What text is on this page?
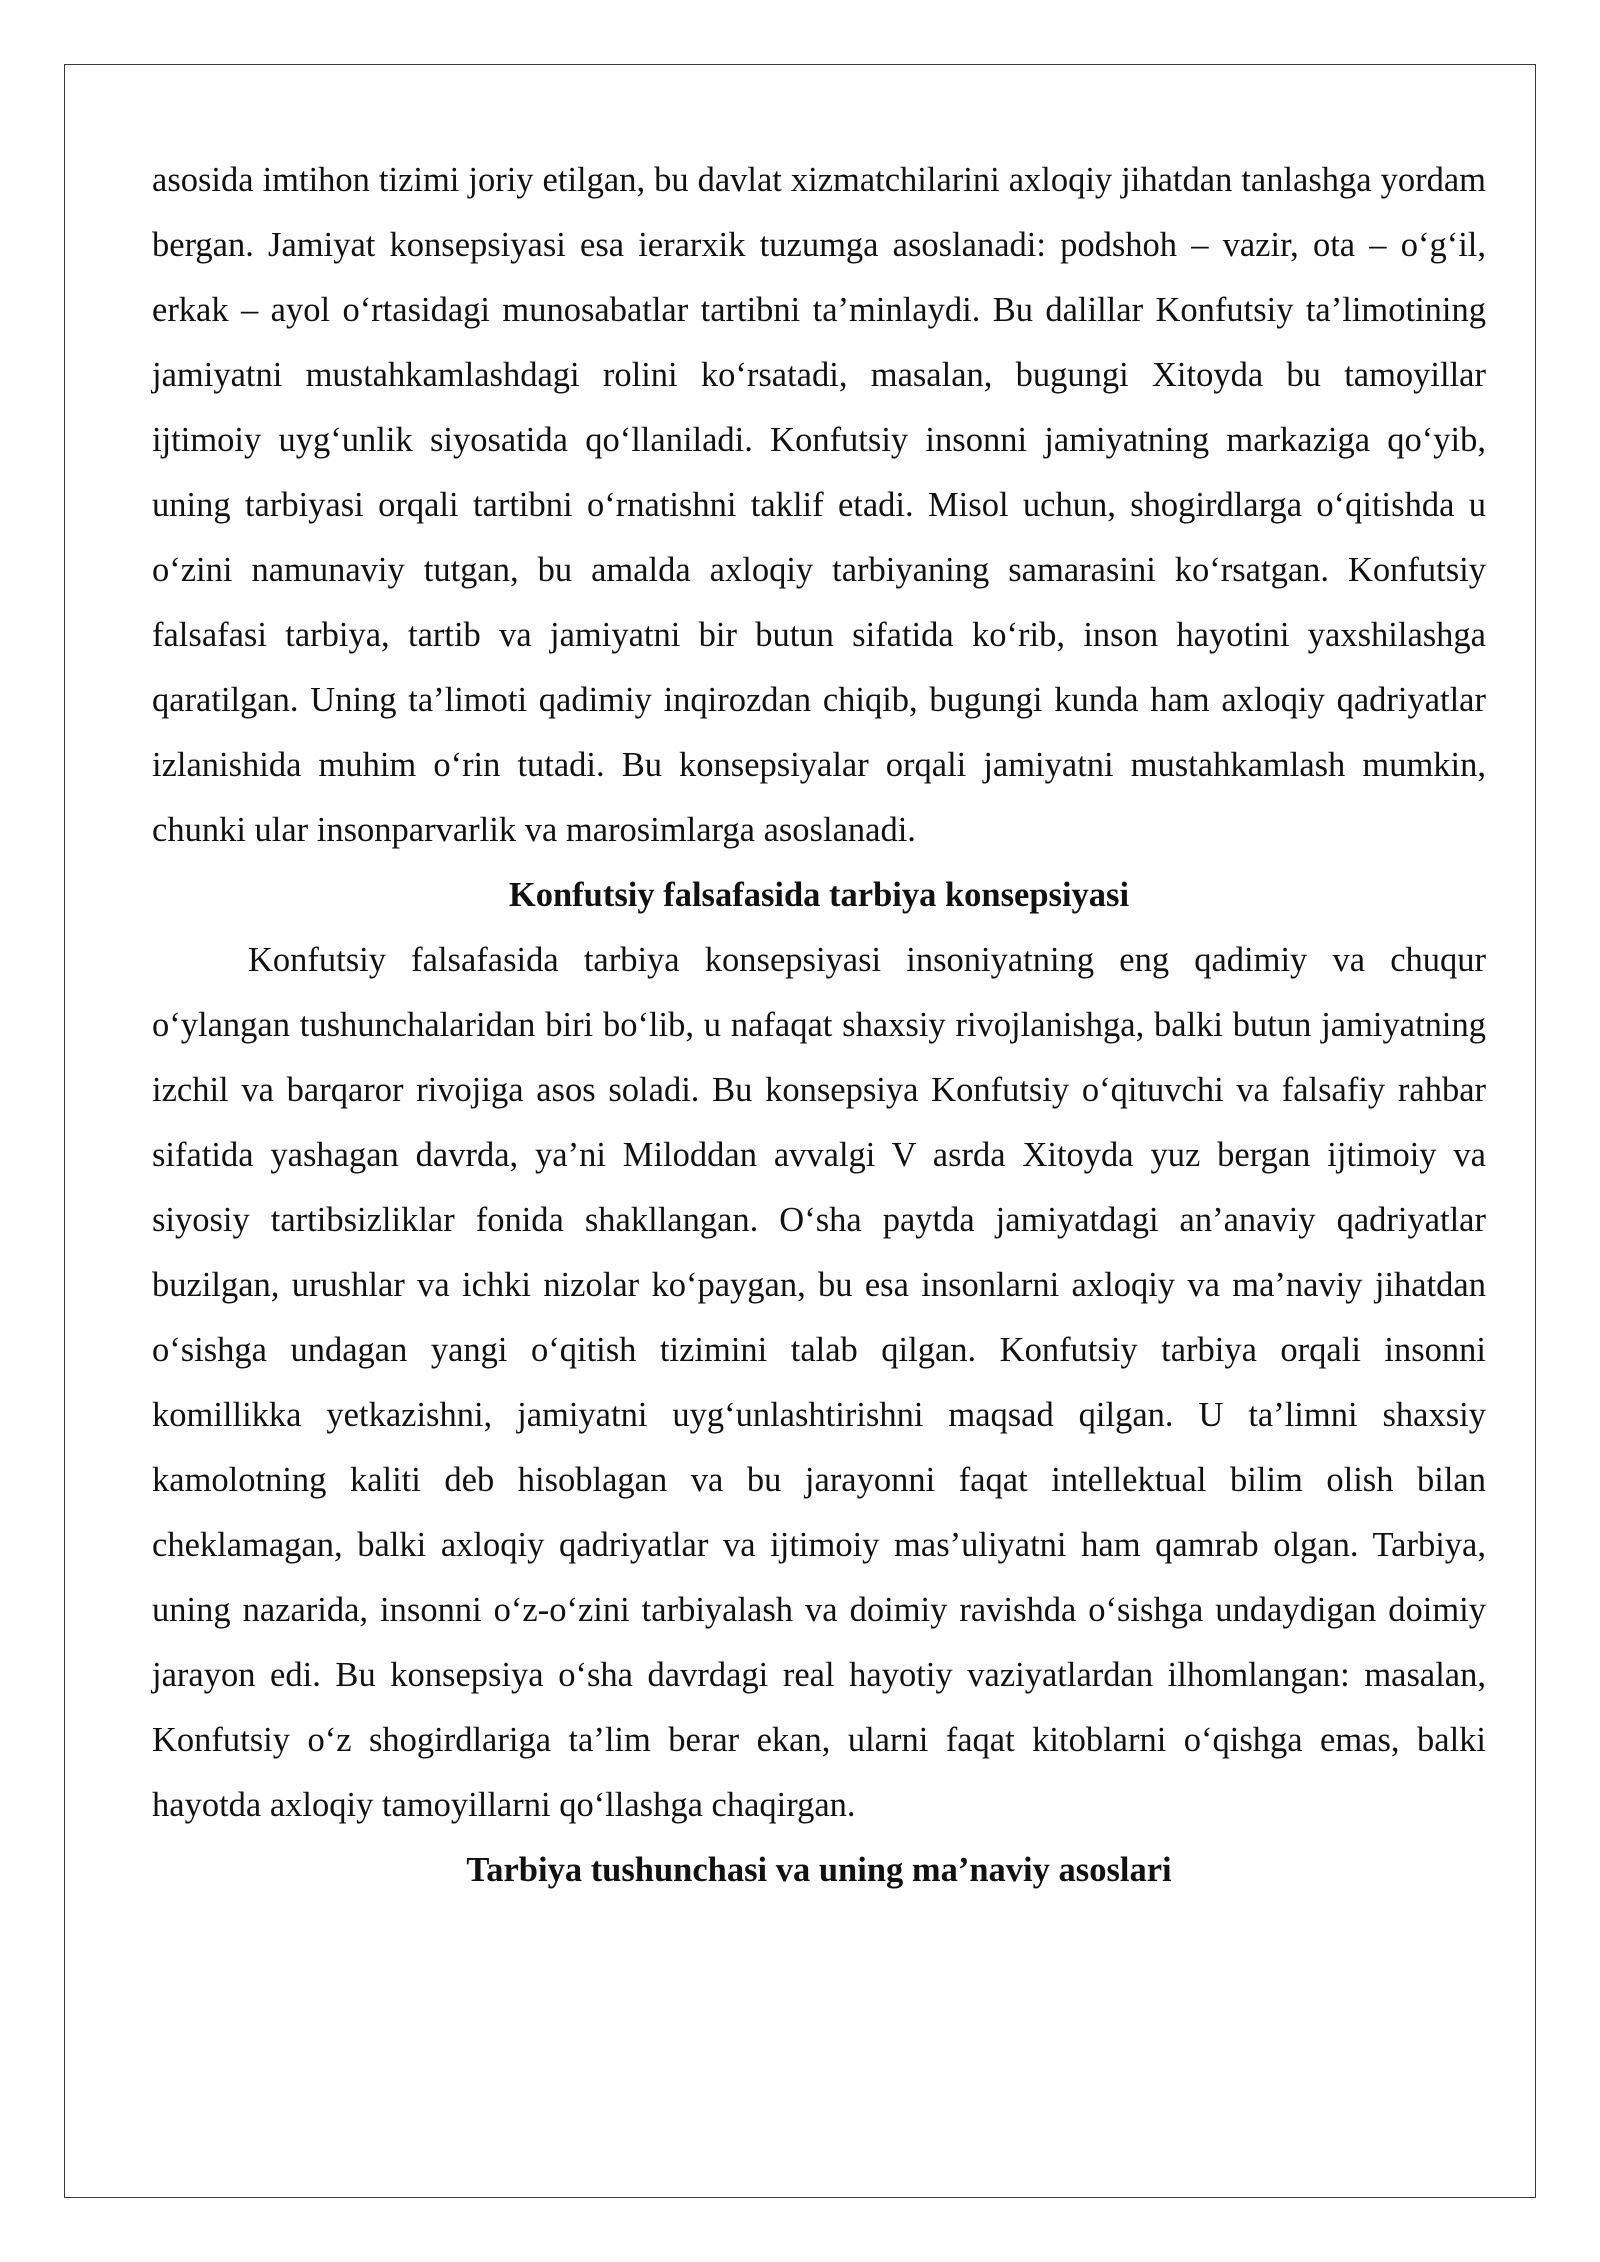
asosida imtihon tizimi joriy etilgan, bu davlat xizmatchilarini axloqiy jihatdan tanlashga yordam bergan. Jamiyat konsepsiyasi esa ierarxik tuzumga asoslanadi: podshoh – vazir, ota – o‘g‘il, erkak – ayol o‘rtasidagi munosabatlar tartibni ta’minlaydi. Bu dalillar Konfutsiy ta’limotining jamiyatni mustahkamlashdagi rolini ko‘rsatadi, masalan, bugungi Xitoyda bu tamoyillar ijtimoiy uyg‘unlik siyosatida qo‘llaniladi. Konfutsiy insonni jamiyatning markaziga qo‘yib, uning tarbiyasi orqali tartibni o‘rnatishni taklif etadi. Misol uchun, shogirdlarga o‘qitishda u o‘zini namunaviy tutgan, bu amalda axloqiy tarbiyaning samarasini ko‘rsatgan. Konfutsiy falsafasi tarbiya, tartib va jamiyatni bir butun sifatida ko‘rib, inson hayotini yaxshilashga qaratilgan. Uning ta’limoti qadimiy inqirozdan chiqib, bugungi kunda ham axloqiy qadriyatlar izlanishida muhim o‘rin tutadi. Bu konsepsiyalar orqali jamiyatni mustahkamlash mumkin, chunki ular insonparvarlik va marosimlarga asoslanadi.

Konfutsiy falsafasida tarbiya konsepsiyasi

Konfutsiy falsafasida tarbiya konsepsiyasi insoniyatning eng qadimiy va chuqur o‘ylangan tushunchalaridan biri bo‘lib, u nafaqat shaxsiy rivojlanishga, balki butun jamiyatning izchil va barqaror rivojiga asos soladi. Bu konsepsiya Konfutsiy o‘qituvchi va falsafiy rahbar sifatida yashagan davrda, ya’ni Miloddan avvalgi V asrda Xitoyda yuz bergan ijtimoiy va siyosiy tartibsizliklar fonida shakllangan. O‘sha paytda jamiyatdagi an’anaviy qadriyatlar buzilgan, urushlar va ichki nizolar ko‘paygan, bu esa insonlarni axloqiy va ma’naviy jihatdan o‘sishga undagan yangi o‘qitish tizimini talab qilgan. Konfutsiy tarbiya orqali insonni komillikka yetkazishni, jamiyatni uyg‘unlashtirishni maqsad qilgan. U ta’limni shaxsiy kamolotning kaliti deb hisoblagan va bu jarayonni faqat intellektual bilim olish bilan cheklamagan, balki axloqiy qadriyatlar va ijtimoiy mas’uliyatni ham qamrab olgan. Tarbiya, uning nazarida, insonni o‘z-o‘zini tarbiyalash va doimiy ravishda o‘sishga undaydigan doimiy jarayon edi. Bu konsepsiya o‘sha davrdagi real hayotiy vaziyatlardan ilhomlangan: masalan, Konfutsiy o‘z shogirdlariga ta’lim berar ekan, ularni faqat kitoblarni o‘qishga emas, balki hayotda axloqiy tamoyillarni qo‘llashga chaqirgan.

Tarbiya tushunchasi va uning ma’naviy asoslari
